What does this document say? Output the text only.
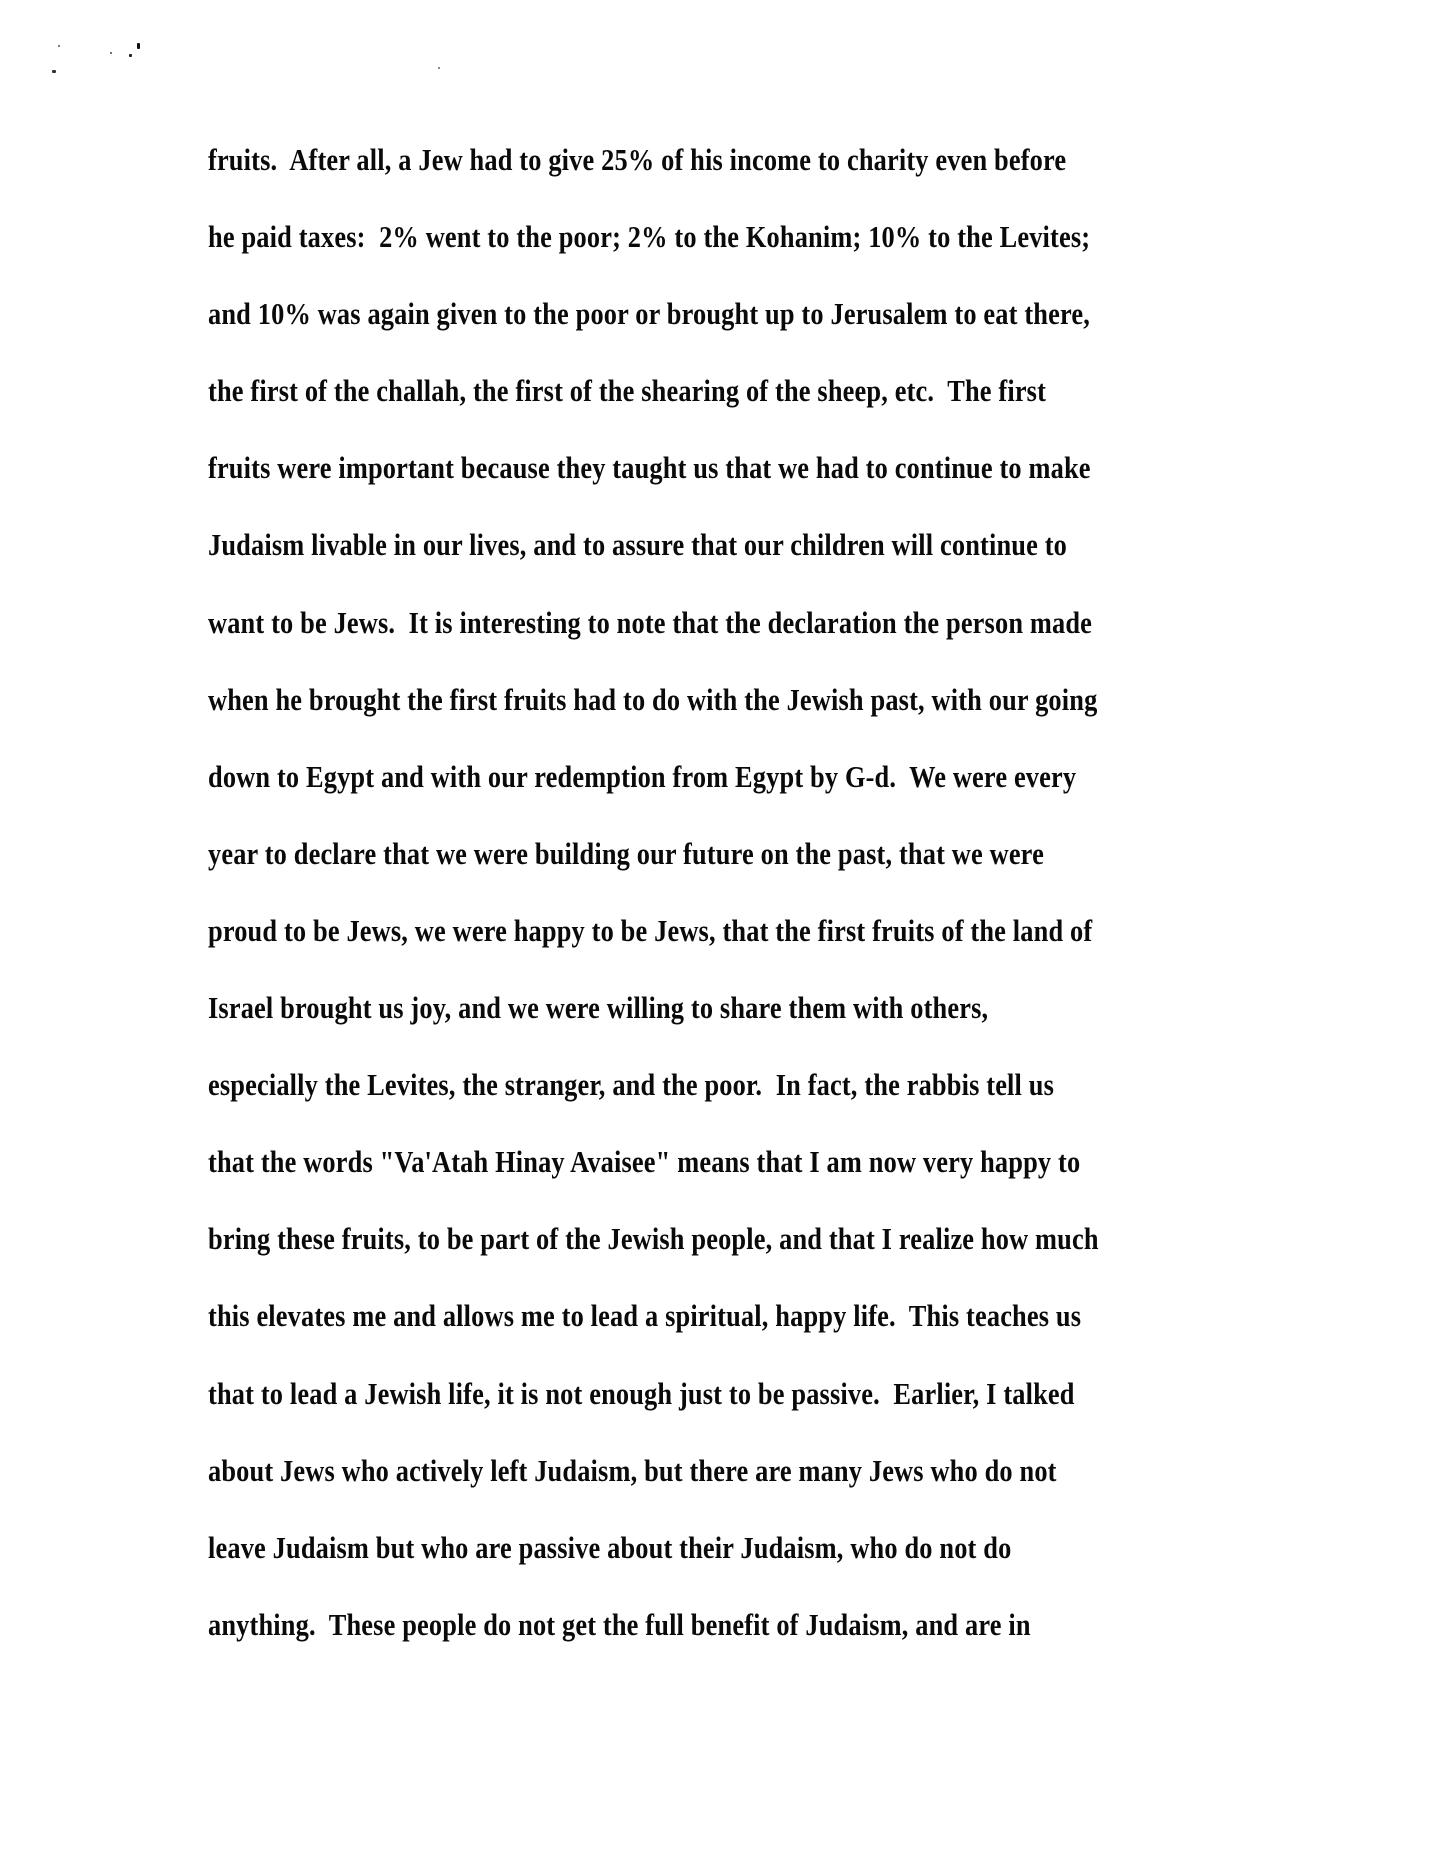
fruits.  After all, a Jew had to give 25% of his income to charity even before
he paid taxes:  2% went to the poor; 2% to the Kohanim; 10% to the Levites;
and 10% was again given to the poor or brought up to Jerusalem to eat there,
the first of the challah, the first of the shearing of the sheep, etc.  The first
fruits were important because they taught us that we had to continue to make
Judaism livable in our lives, and to assure that our children will continue to
want to be Jews.  It is interesting to note that the declaration the person made
when he brought the first fruits had to do with the Jewish past, with our going
down to Egypt and with our redemption from Egypt by G-d.  We were every
year to declare that we were building our future on the past, that we were
proud to be Jews, we were happy to be Jews, that the first fruits of the land of
Israel brought us joy, and we were willing to share them with others,
especially the Levites, the stranger, and the poor.  In fact, the rabbis tell us
that the words "Va'Atah Hinay Avaisee" means that I am now very happy to
bring these fruits, to be part of the Jewish people, and that I realize how much
this elevates me and allows me to lead a spiritual, happy life.  This teaches us
that to lead a Jewish life, it is not enough just to be passive.  Earlier, I talked
about Jews who actively left Judaism, but there are many Jews who do not
leave Judaism but who are passive about their Judaism, who do not do
anything.  These people do not get the full benefit of Judaism, and are in
